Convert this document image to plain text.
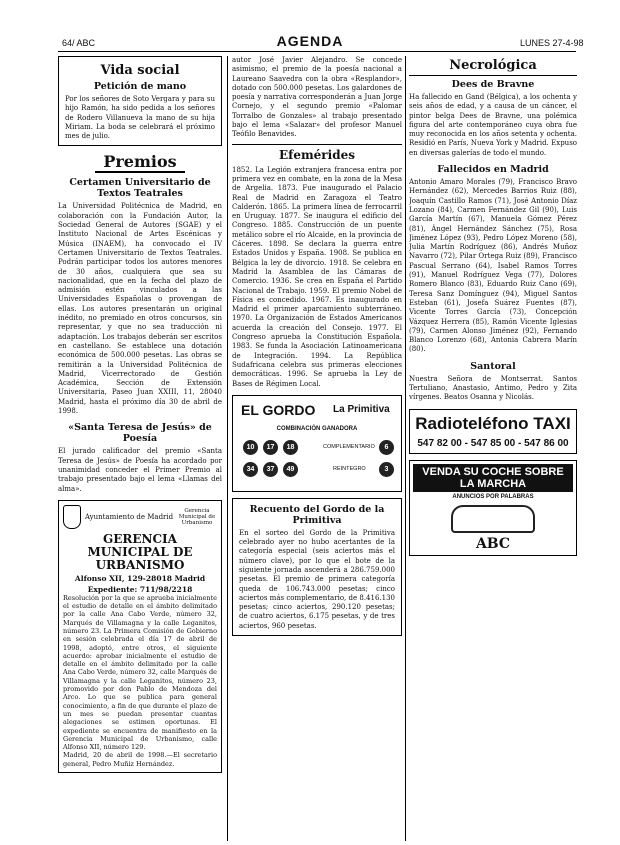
64/ ABC	AGENDA	LUNES 27-4-98
Vida social
Petición de mano

Por los señores de Soto Vergara y para su hijo Ramón, ha sido pedida a los señores de Rodero Villanueva la mano de su hija Miriam. La boda se celebrará el próximo mes de julio.

Premios
Certamen Universitario de Textos Teatrales

La Universidad Politécnica de Madrid, en colaboración con la Fundación Autor, la Sociedad General de Autores (SGAE) y el Instituto Nacional de Artes Escénicas y Música (INAEM), ha convocado el IV Certamen Universitario de Textos Teatrales. Podrán participar todos los autores menores de 30 años, cualquiera que sea su nacionalidad, que en la fecha del plazo de admisión estén vinculados a las Universidades Españolas o provengan de ellas. Los autores presentarán un original inédito, no premiado en otros concursos, sin representar, y que no sea traducción ni adaptación. Los trabajos deberán ser escritos en castellano. Se establece una dotación económica de 500.000 pesetas. Las obras se remitirán a la Universidad Politécnica de Madrid, Vicerrectorado de Gestión Académica, Sección de Extensión Universitaria, Paseo Juan XXIII, 11, 28040 Madrid, hasta el próximo día 30 de abril de 1998.

«Santa Teresa de Jesús» de Poesía

El jurado calificador del premio «Santa Teresa de Jesús» de Poesía ha acordado por unanimidad conceder el Primer Premio al trabajo presentado bajo el lema «Llamas del alma».

Ayuntamiento de Madrid
Gerencia Municipal de Urbanismo
GERENCIA MUNICIPAL DE URBANISMO
Alfonso XII, 129-28018 Madrid
Expediente: 711/98/2218

Resolución por la que se aprueba inicialmente el estudio de detalle en el ámbito delimitado por la calle Ana Cabo Verde, número 32, Marqués de Villamagna y la calle Leganitos, número 23. La Primera Comisión de Gobierno en sesión celebrada el día 17 de abril de 1998, adoptó, entre otros, el siguiente acuerdo: aprobar inicialmente el estudio de detalle en el ámbito delimitado por la calle Ana Cabo Verde, número 32, calle Marqués de Villamagna y la calle Leganitos, número 23, promovido por don Pablo de Mendoza del Arco. Lo que se publica para general conocimiento, a fin de que durante el plazo de un mes se puedan presentar cuantas alegaciones se estimen oportunas. El expediente se encuentra de manifiesto en la Gerencia Municipal de Urbanismo, calle Alfonso XII, número 129.

Madrid, 20 de abril de 1998.—El secretario general, Pedro Muñiz Hernández.

autor José Javier Alejandro. Se concede asimismo, el premio de la poesía nacional a Laureano Saavedra con la obra «Resplandor», dotado con 500.000 pesetas. Los galardones de poesía y narrativa corresponderán a Juan Jorge Cornejo, y el segundo premio «Palomar Torralbo de Gonzales» al trabajo presentado bajo el lema «Salazar» del profesor Manuel Teófilo Benavides.

Efemérides

1852. La Legión extranjera francesa entra por primera vez en combate, en la zona de la Mesa de Argelia. 1873. Fue inaugurado el Palacio Real de Madrid en Zaragoza el Teatro Calderón. 1865. La primera línea de ferrocarril en Uruguay. 1877. Se inaugura el edificio del Congreso. 1885. Construcción de un puente metálico sobre el río Alcaide, en la provincia de Cáceres. 1898. Se declara la guerra entre Estados Unidos y España. 1908. Se publica en Bélgica la ley de divorcio. 1918. Se celebra en Madrid la Asamblea de las Cámaras de Comercio. 1936. Se crea en España el Partido Nacional de Trabajo. 1959. El premio Nobel de Física es concedido. 1967. Es inaugurado en Madrid el primer aparcamiento subterráneo. 1970. La Organización de Estados Americanos acuerda la creación del Consejo. 1977. El Congreso aprueba la Constitución Española. 1983. Se funda la Asociación Latinoamericana de Integración. 1994. La República Sudafricana celebra sus primeras elecciones democráticas. 1996. Se aprueba la Ley de Bases de Régimen Local.

EL GORDO La Primitiva
COMBINACIÓN GANADORA
10	17	18
34	37	49
COMPLEMENTARIO	6
REINTEGRO	3
Recuento del Gordo de la Primitiva

En el sorteo del Gordo de la Primitiva celebrado ayer no hubo acertantes de la categoría especial (seis aciertos más el número clave), por lo que el bote de la siguiente jornada ascenderá a 286.759.000 pesetas. El premio de primera categoría queda de 106.743.000 pesetas; cinco aciertos más complementario, de 8.416.130 pesetas; cinco aciertos, 290.120 pesetas; de cuatro aciertos, 6.175 pesetas, y de tres aciertos, 960 pesetas.

Necrológica
Dees de Bravne

Ha fallecido en Gand (Bélgica), a los ochenta y seis años de edad, y a causa de un cáncer, el pintor belga Dees de Bravne, una polémica figura del arte contemporáneo cuya obra fue muy reconocida en los años setenta y ochenta. Residió en París, Nueva York y Madrid. Expuso en diversas galerías de todo el mundo.

Fallecidos en Madrid

Antonio Amaro Morales (79), Francisco Bravo Hernández (62), Mercedes Barrios Ruiz (88), Joaquín Castillo Ramos (71), José Antonio Díaz Lozano (84), Carmen Fernández Gil (90), Luis García Martín (67), Manuela Gómez Pérez (81), Ángel Hernández Sánchez (75), Rosa Jiménez López (93), Pedro López Moreno (58), Julia Martín Rodríguez (86), Andrés Muñoz Navarro (72), Pilar Ortega Ruiz (89), Francisco Pascual Serrano (64), Isabel Ramos Torres (91), Manuel Rodríguez Vega (77), Dolores Romero Blanco (83), Eduardo Ruiz Cano (69), Teresa Sanz Domínguez (94), Miguel Santos Esteban (61), Josefa Suárez Fuentes (87), Vicente Torres García (73), Concepción Vázquez Herrera (85), Ramón Vicente Iglesias (79), Carmen Alonso Jiménez (92), Fernando Blanco Lorenzo (68), Antonia Cabrera Marín (80).

Santoral

Nuestra Señora de Montserrat. Santos Tertuliano, Anastasio, Antimo, Pedro y Zita vírgenes. Beatos Osanna y Nicolás.

Radioteléfono TAXI
547 82 00 - 547 85 00 - 547 86 00
VENDA SU COCHE SOBRE LA MARCHA
ANUNCIOS POR PALABRAS
ABC
